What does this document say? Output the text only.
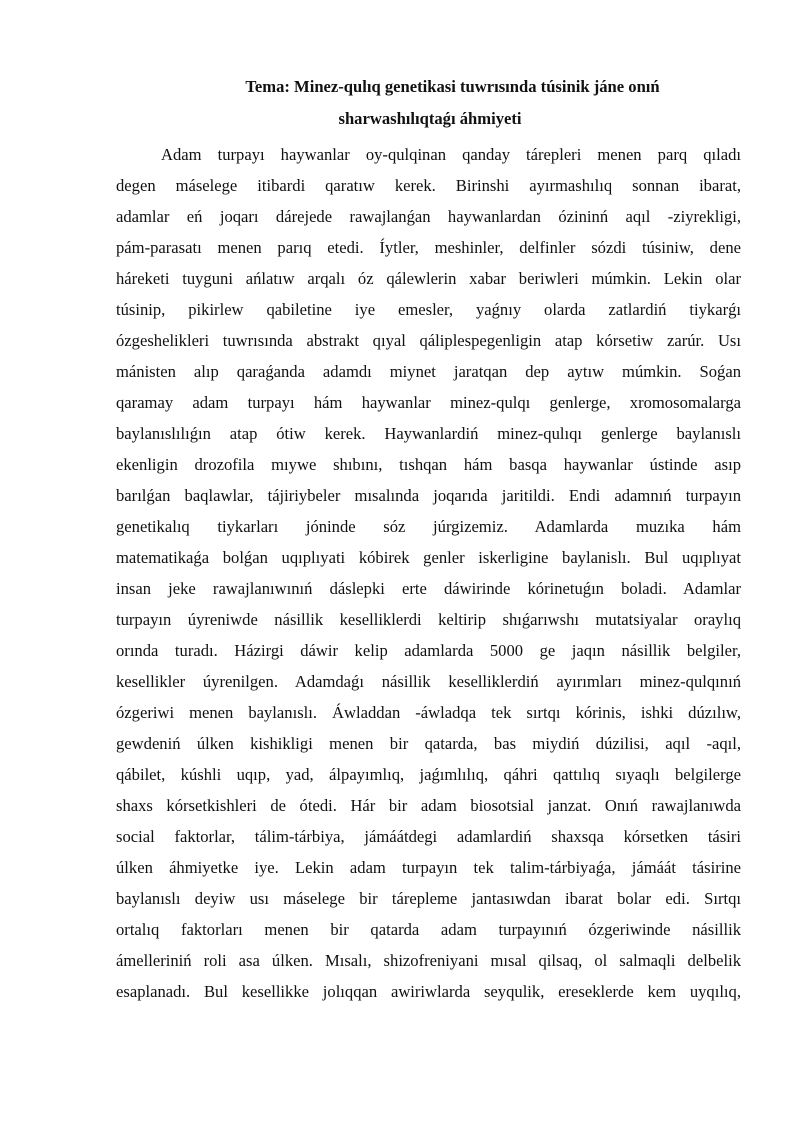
Tema: Minez-qulıq genetikasi tuwrısında túsinik jáne onıń
sharwashılıqtaǵı áhmiyeti
Adam turpayı haywanlar oy-qulqinan qanday tárepleri menen parq qıladı
degen máselege itibardi qaratıw kerek. Birinshi ayırmashılıq sonnan ibarat,
adamlar eń joqarı dárejede rawajlanǵan haywanlardan ózininń aqıl -ziyrekligi,
pám-parasatı menen parıq etedi. Íytler, meshinler, delfinler sózdi túsiniw, dene
háreketi tuyguni ańlatıw arqalı óz qálewlerin xabar beriwleri múmkin. Lekin olar
túsinip, pikirlew qabiletine iye emesler, yaǵnıy olarda zatlardiń tiykarǵı
ózgeshelikleri tuwrısında abstrakt qıyal qáliplespegenligin atap kórsetiw zarúr. Usı
mánisten alıp qaraǵanda adamdı miynet jaratqan dep aytıw múmkin. Soǵan
qaramay adam turpayı hám haywanlar minez-qulqı genlerge, xromosomalarga
baylanıslılıǵın atap ótiw kerek. Haywanlardiń minez-qulıqı genlerge baylanıslı
ekenligin drozofila mıywe shıbını, tıshqan hám basqa haywanlar ústinde asıp
barılǵan baqlawlar, tájiriybeler mısalında joqarıda jaritildi. Endi adamnıń turpayın
genetikalıq tiykarları jóninde sóz júrgizemiz. Adamlarda muzıka hám
matematikaǵa bolǵan uqıplıyati kóbirek genler iskerligine baylanislı. Bul uqıplıyat
insan jeke rawajlanıwınıń dáslepki erte dáwirinde kórinetuǵın boladi. Adamlar
turpayın úyreniwde násillik keselliklerdi keltirip shıǵarıwshı mutatsiyalar oraylıq
orında turadı. Házirgi dáwir kelip adamlarda 5000 ge jaqın násillik belgiler,
kesellikler úyrenilgen. Adamdaǵı násillik keselliklerdiń ayırımları minez-qulqınıń
ózgeriwi menen baylanıslı. Áwladdan -áwladqa tek sırtqı kórinis, ishki dúzılıw,
gewdeniń úlken kishikligi menen bir qatarda, bas miydiń dúzilisi, aqıl -aqıl,
qábilet, kúshli uqıp, yad, álpayımlıq, jaǵımlılıq, qáhri qattılıq sıyaqlı belgilerge
shaxs kórsetkishleri de ótedi. Hár bir adam biosotsial janzat. Onıń rawajlanıwda
social faktorlar, tálim-tárbiya, jámáátdegi adamlardiń shaxsqa kórsetken tásiri
úlken áhmiyetke iye. Lekin adam turpayın tek talim-tárbiyaǵa, jámáát tásirine
baylanıslı deyiw usı máselege bir tárepleme jantasıwdan ibarat bolar edi. Sırtqı
ortalıq faktorları menen bir qatarda adam turpayınıń ózgeriwinde násillik
ámelleriniń roli asa úlken. Mısalı, shizofreniyani mısal qilsaq, ol salmaqli delbelik
esaplanadı. Bul kesellikke jolıqqan awiriwlarda seyqulik, ereseklerde kem uyqılıq,
